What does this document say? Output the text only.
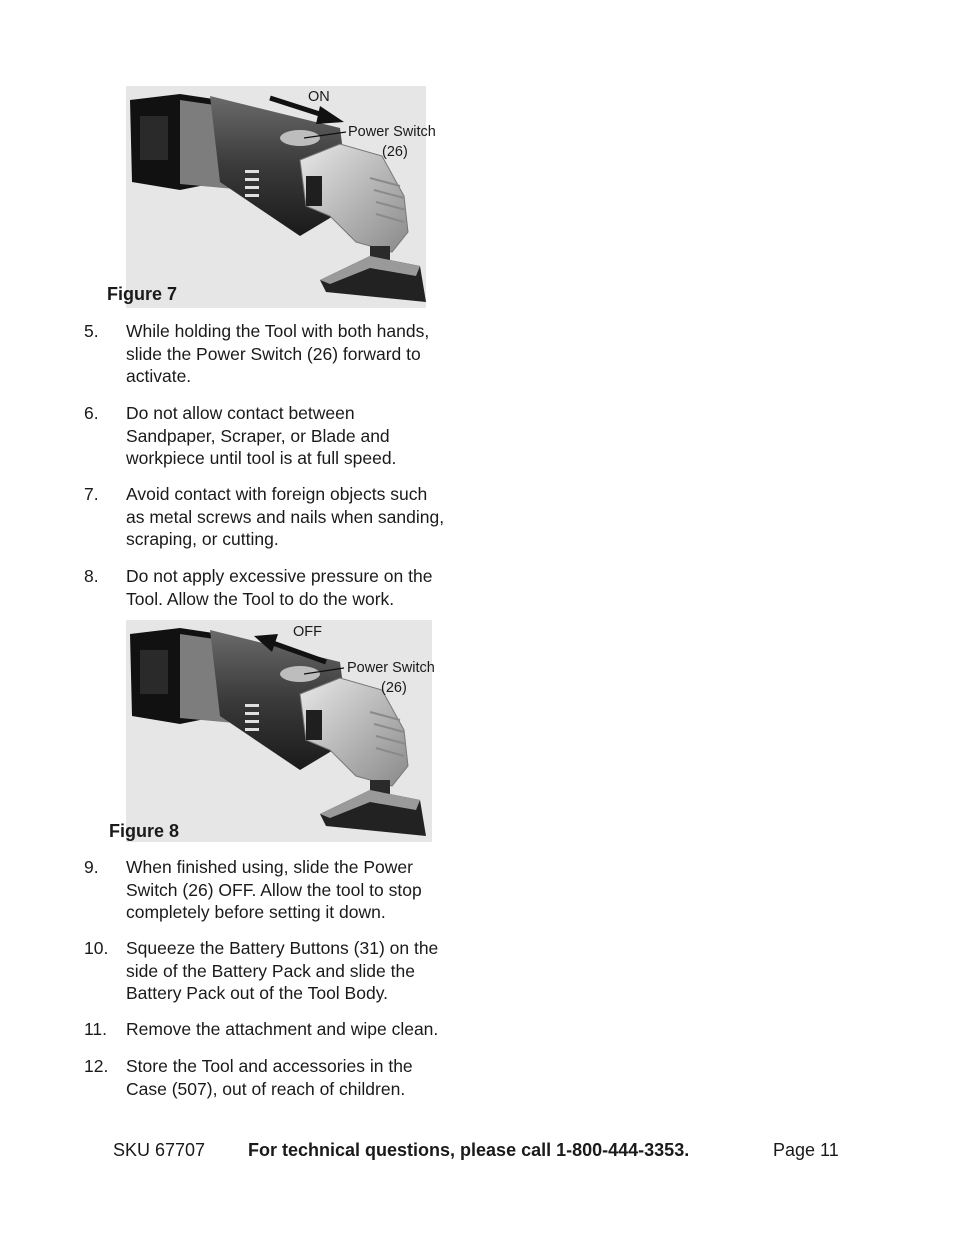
ON
Power Switch
(26)
Figure 7
OFF
Power Switch
(26)
Figure 8
5.	While holding the Tool with both hands,
slide the Power Switch (26) forward to
activate.
6.	Do not allow contact between
Sandpaper, Scraper, or Blade and
workpiece until tool is at full speed.
7.	Avoid contact with foreign objects such
as metal screws and nails when sanding,
scraping, or cutting.
8.	Do not apply excessive pressure on the
Tool. Allow the Tool to do the work.
9.	When finished using, slide the Power
Switch (26) OFF. Allow the tool to stop
completely before setting it down.
10.	Squeeze the Battery Buttons (31) on the
side of the Battery Pack and slide the
Battery Pack out of the Tool Body.
11.	Remove the attachment and wipe clean.
12.	Store the Tool and accessories in the
Case (507), out of reach of children.
SKU 67707 For technical questions, please call 1-800-444-3353.	Page 11
